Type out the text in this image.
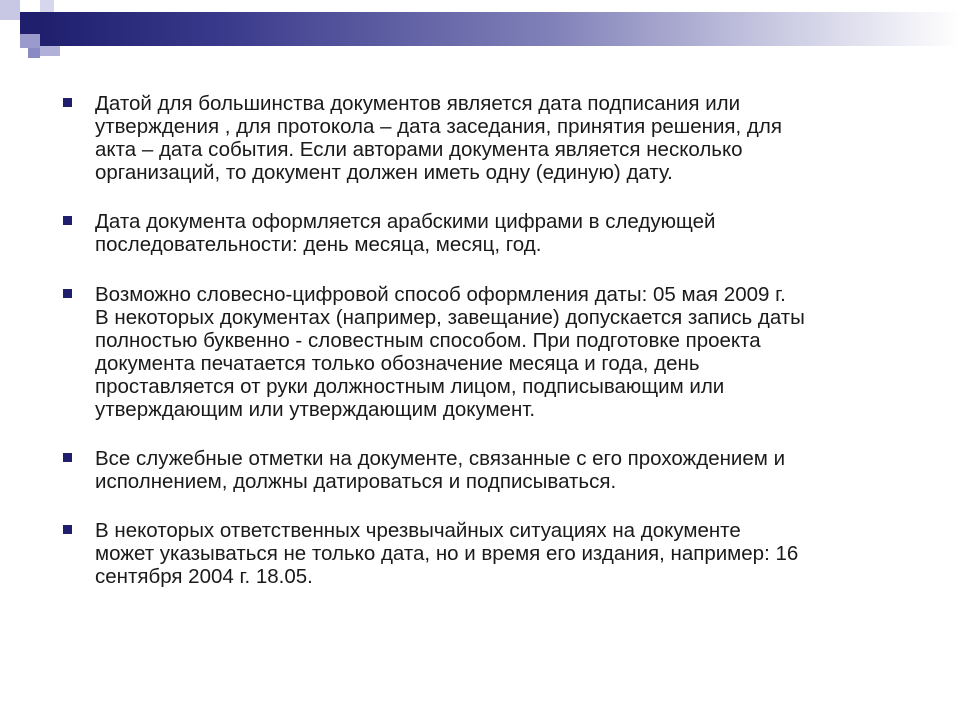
Датой для большинства документов является дата подписания или
утверждения , для протокола – дата заседания, принятия решения, для
акта – дата события. Если авторами документа является несколько
организаций, то документ должен иметь одну (единую) дату.
Дата документа оформляется арабскими цифрами в следующей
последовательности: день месяца, месяц, год.
Возможно словесно-цифровой способ оформления даты: 05 мая 2009 г.
В некоторых документах (например, завещание) допускается запись даты
полностью буквенно - словестным способом. При подготовке проекта
документа печатается только обозначение месяца и года, день
проставляется от руки должностным лицом, подписывающим или
утверждающим или утверждающим документ.
Все служебные отметки на документе, связанные с его прохождением и
исполнением, должны датироваться и подписываться.
В некоторых ответственных чрезвычайных ситуациях на документе
может указываться не только дата, но и время его издания, например: 16
сентября 2004 г. 18.05.
